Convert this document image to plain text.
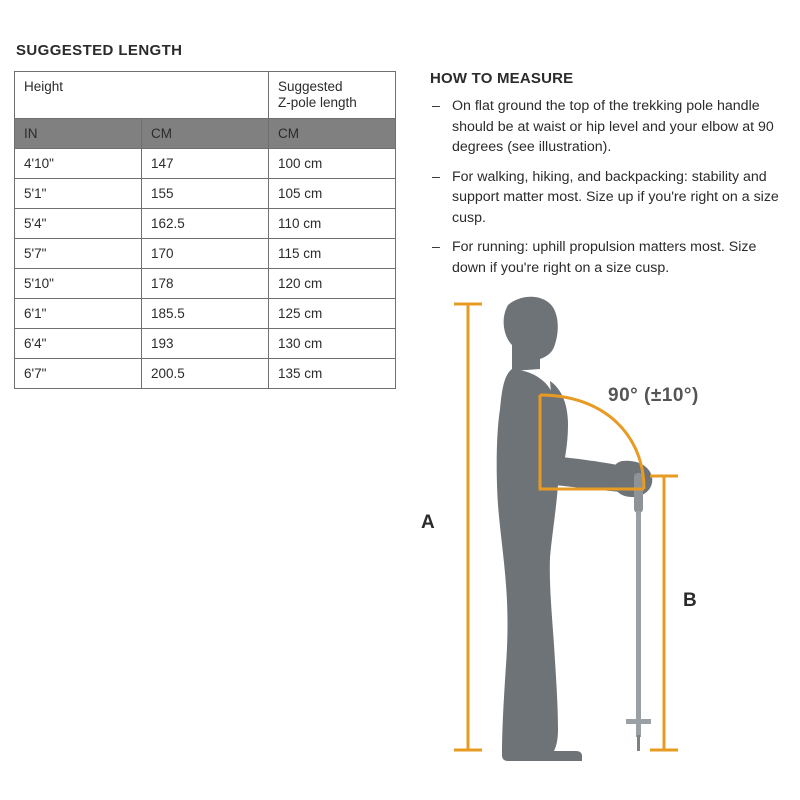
SUGGESTED LENGTH
Height		Suggested
Z-pole length
IN	CM	CM
4'10"	147	100 cm
5'1"	155	105 cm
5'4"	162.5	110 cm
5'7"	170	115 cm
5'10"	178	120 cm
6'1"	185.5	125 cm
6'4"	193	130 cm
6'7"	200.5	135 cm
HOW TO MEASURE
– On flat ground the top of the trekking pole handle should be at waist or hip level and your elbow at 90 degrees (see illustration).
– For walking, hiking, and backpacking: stability and support matter most. Size up if you're right on a size cusp.
– For running: uphill propulsion matters most. Size down if you're right on a size cusp.
90° (±10°)
A
B
